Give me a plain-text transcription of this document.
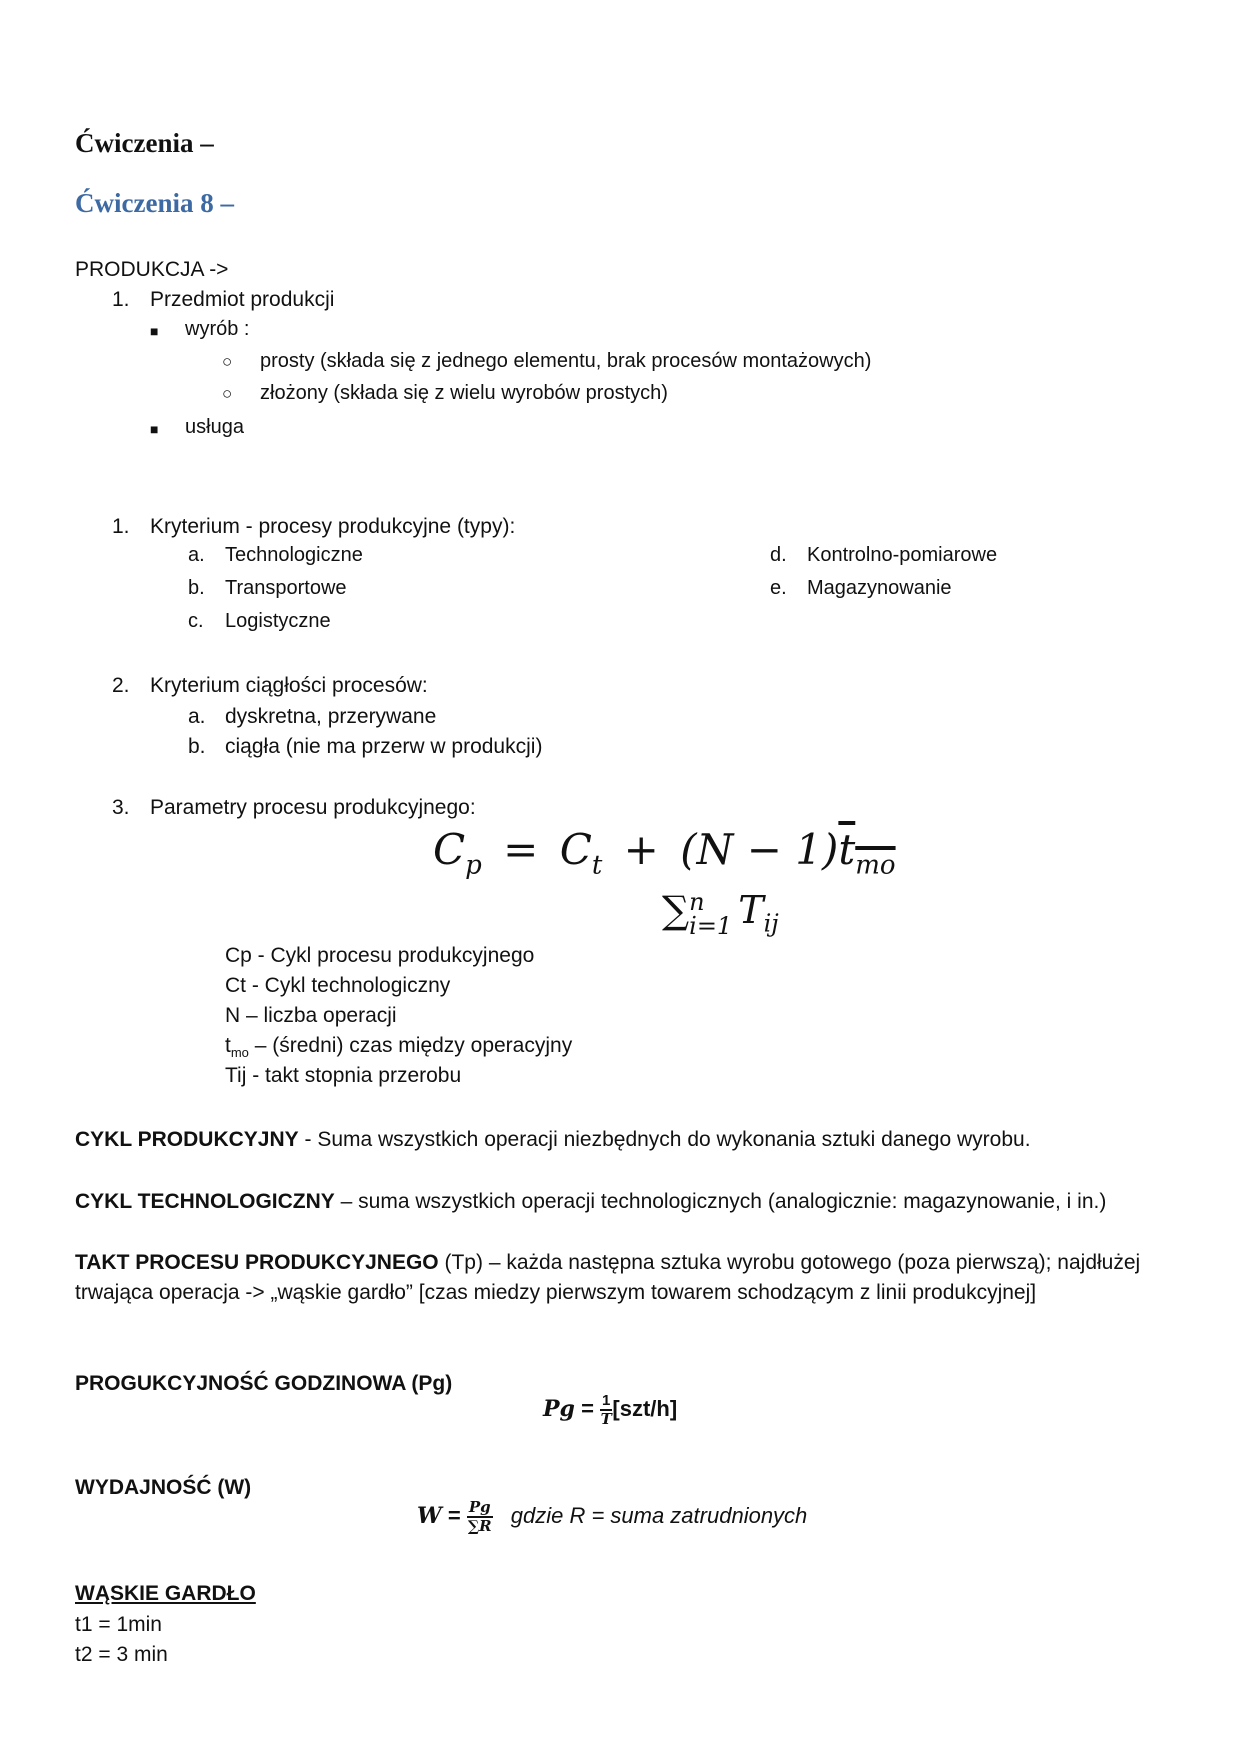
Ćwiczenia –
Ćwiczenia 8 –
PRODUKCJA ->
1. Przedmiot produkcji
■ wyrób :
○ prosty (składa się z jednego elementu, brak procesów montażowych)
○ złożony (składa się z wielu wyrobów prostych)
■ usługa
1. Kryterium - procesy produkcyjne (typy):
a. Technologiczne
b. Transportowe
c. Logistyczne
d. Kontrolno-pomiarowe
e. Magazynowanie
2. Kryterium ciągłości procesów:
a. dyskretna, przerywane
b. ciągła (nie ma przerw w produkcji)
3. Parametry procesu produkcyjnego:
$C_p = C_t + (N - 1)t_{mo}$
∑ n
i=1 $T_{ij}$
Cp - Cykl procesu produkcyjnego
Ct - Cykl technologiczny
N – liczba operacji
$t_{mo}$ – (średni) czas między operacyjny
Tij - takt stopnia przerobu
CYKL PRODUKCYJNY - Suma wszystkich operacji niezbędnych do wykonania sztuki danego wyrobu.
CYKL TECHNOLOGICZNY – suma wszystkich operacji technologicznych (analogicznie: magazynowanie, i in.)
TAKT PROCESU PRODUKCYJNEGO (Tp) – każda następna sztuka wyrobu gotowego (poza pierwszą); najdłużej trwająca operacja -> „wąskie gardło” [czas miedzy pierwszym towarem schodzącym z linii produkcyjnej]
PROGUKCYJNOŚĆ GODZINOWA (Pg)
$Pg = \frac{1}{T} [szt/h]$
WYDAJNOŚĆ (W)
$W = \frac{Pg}{\sum R}$ gdzie R = suma zatrudnionych
WĄSKIE GARDŁO
t1 = 1min
t2 = 3 min
